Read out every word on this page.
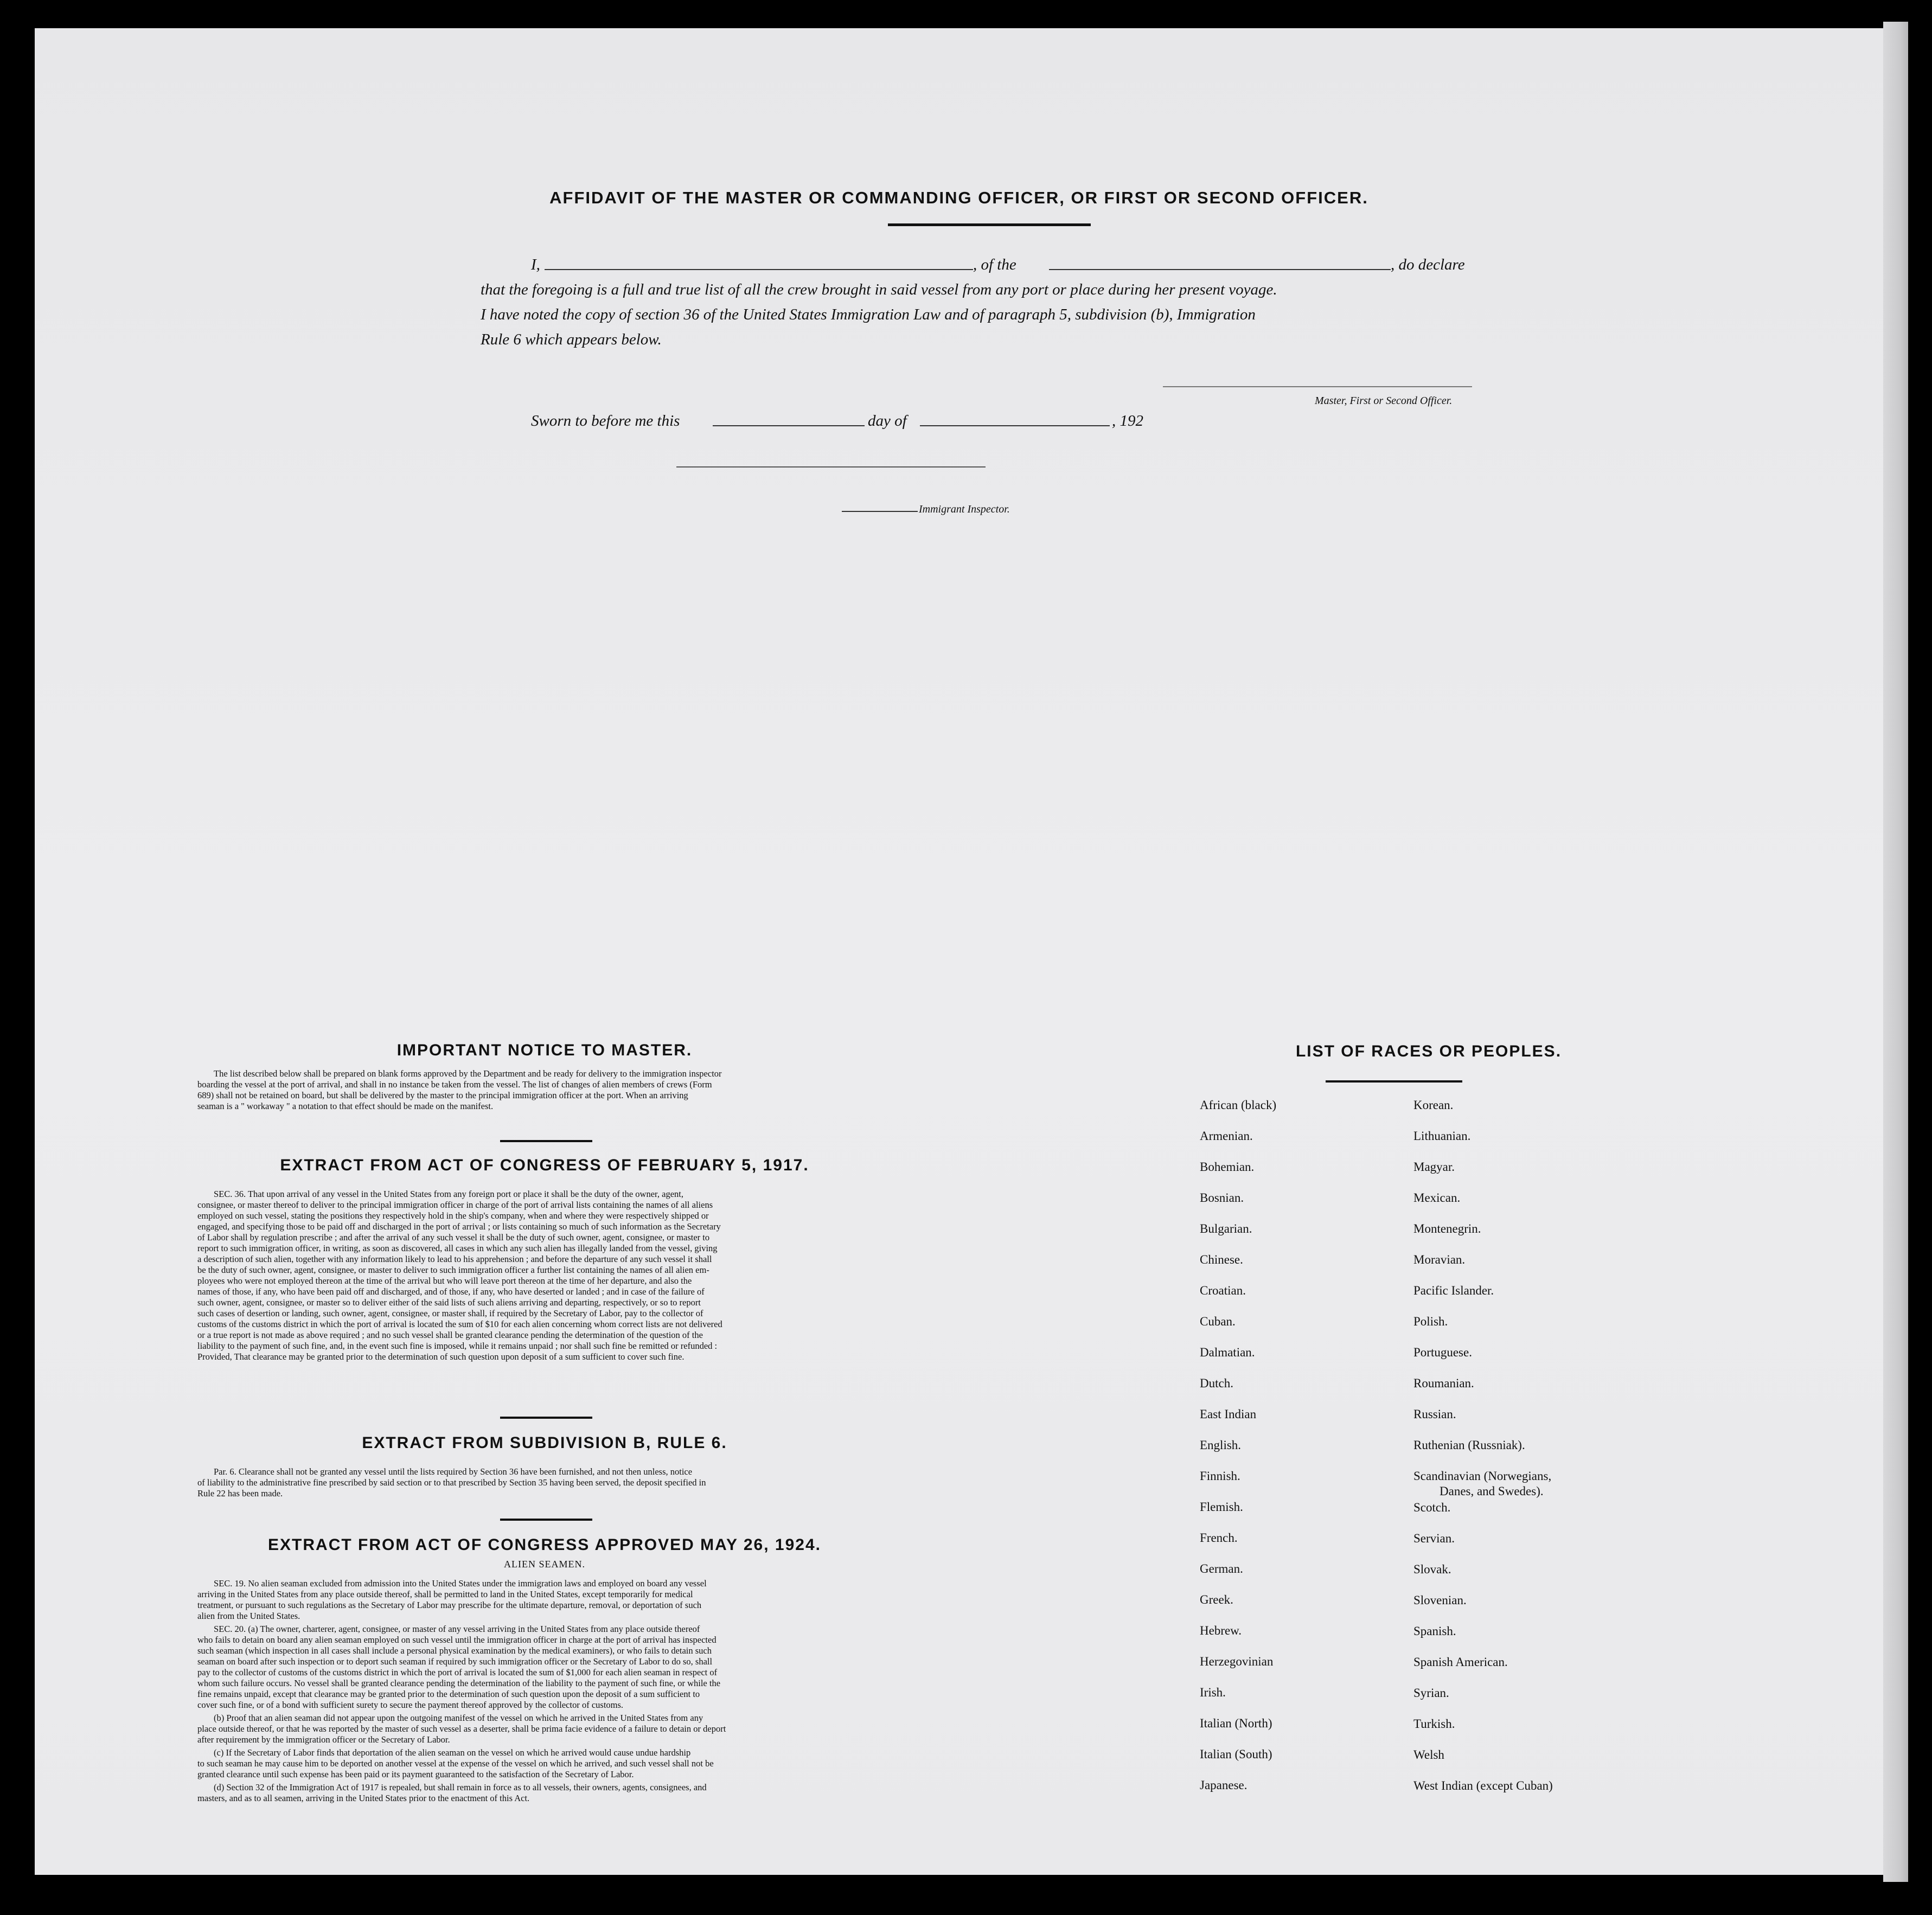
AFFIDAVIT OF THE MASTER OR COMMANDING OFFICER, OR FIRST OR SECOND OFFICER.
I,	, of the	, do declare
that the foregoing is a full and true list of all the crew brought in said vessel from any port or place during her present voyage.
I have noted the copy of section 36 of the United States Immigration Law and of paragraph 5, subdivision (b), Immigration
Rule 6 which appears below.
Master, First or Second Officer.
Sworn to before me this	day of	, 192
Immigrant Inspector.
IMPORTANT NOTICE TO MASTER.
The list described below shall be prepared on blank forms approved by the Department and be ready for delivery to the immigration inspector
boarding the vessel at the port of arrival, and shall in no instance be taken from the vessel. The list of changes of alien members of crews (Form
689) shall not be retained on board, but shall be delivered by the master to the principal immigration officer at the port. When an arriving
seaman is a " workaway " a notation to that effect should be made on the manifest.
EXTRACT FROM ACT OF CONGRESS OF FEBRUARY 5, 1917.
SEC. 36. That upon arrival of any vessel in the United States from any foreign port or place it shall be the duty of the owner, agent,
consignee, or master thereof to deliver to the principal immigration officer in charge of the port of arrival lists containing the names of all aliens
employed on such vessel, stating the positions they respectively hold in the ship's company, when and where they were respectively shipped or
engaged, and specifying those to be paid off and discharged in the port of arrival ; or lists containing so much of such information as the Secretary
of Labor shall by regulation prescribe ; and after the arrival of any such vessel it shall be the duty of such owner, agent, consignee, or master to
report to such immigration officer, in writing, as soon as discovered, all cases in which any such alien has illegally landed from the vessel, giving
a description of such alien, together with any information likely to lead to his apprehension ; and before the departure of any such vessel it shall
be the duty of such owner, agent, consignee, or master to deliver to such immigration officer a further list containing the names of all alien em-
ployees who were not employed thereon at the time of the arrival but who will leave port thereon at the time of her departure, and also the
names of those, if any, who have been paid off and discharged, and of those, if any, who have deserted or landed ; and in case of the failure of
such owner, agent, consignee, or master so to deliver either of the said lists of such aliens arriving and departing, respectively, or so to report
such cases of desertion or landing, such owner, agent, consignee, or master shall, if required by the Secretary of Labor, pay to the collector of
customs of the customs district in which the port of arrival is located the sum of $10 for each alien concerning whom correct lists are not delivered
or a true report is not made as above required ; and no such vessel shall be granted clearance pending the determination of the question of the
liability to the payment of such fine, and, in the event such fine is imposed, while it remains unpaid ; nor shall such fine be remitted or refunded :
Provided, That clearance may be granted prior to the determination of such question upon deposit of a sum sufficient to cover such fine.
EXTRACT FROM SUBDIVISION B, RULE 6.
Par. 6. Clearance shall not be granted any vessel until the lists required by Section 36 have been furnished, and not then unless, notice
of liability to the administrative fine prescribed by said section or to that prescribed by Section 35 having been served, the deposit specified in
Rule 22 has been made.
EXTRACT FROM ACT OF CONGRESS APPROVED MAY 26, 1924.
ALIEN SEAMEN.
SEC. 19. No alien seaman excluded from admission into the United States under the immigration laws and employed on board any vessel
arriving in the United States from any place outside thereof, shall be permitted to land in the United States, except temporarily for medical
treatment, or pursuant to such regulations as the Secretary of Labor may prescribe for the ultimate departure, removal, or deportation of such
alien from the United States.
SEC. 20. (a) The owner, charterer, agent, consignee, or master of any vessel arriving in the United States from any place outside thereof
who fails to detain on board any alien seaman employed on such vessel until the immigration officer in charge at the port of arrival has inspected
such seaman (which inspection in all cases shall include a personal physical examination by the medical examiners), or who fails to detain such
seaman on board after such inspection or to deport such seaman if required by such immigration officer or the Secretary of Labor to do so, shall
pay to the collector of customs of the customs district in which the port of arrival is located the sum of $1,000 for each alien seaman in respect of
whom such failure occurs. No vessel shall be granted clearance pending the determination of the liability to the payment of such fine, or while the
fine remains unpaid, except that clearance may be granted prior to the determination of such question upon the deposit of a sum sufficient to
cover such fine, or of a bond with sufficient surety to secure the payment thereof approved by the collector of customs.
(b) Proof that an alien seaman did not appear upon the outgoing manifest of the vessel on which he arrived in the United States from any
place outside thereof, or that he was reported by the master of such vessel as a deserter, shall be prima facie evidence of a failure to detain or deport
after requirement by the immigration officer or the Secretary of Labor.
(c) If the Secretary of Labor finds that deportation of the alien seaman on the vessel on which he arrived would cause undue hardship
to such seaman he may cause him to be deported on another vessel at the expense of the vessel on which he arrived, and such vessel shall not be
granted clearance until such expense has been paid or its payment guaranteed to the satisfaction of the Secretary of Labor.
(d) Section 32 of the Immigration Act of 1917 is repealed, but shall remain in force as to all vessels, their owners, agents, consignees, and
masters, and as to all seamen, arriving in the United States prior to the enactment of this Act.
LIST OF RACES OR PEOPLES.
African (black)
Armenian.
Bohemian.
Bosnian.
Bulgarian.
Chinese.
Croatian.
Cuban.
Dalmatian.
Dutch.
East Indian
English.
Finnish.
Flemish.
French.
German.
Greek.
Hebrew.
Herzegovinian
Irish.
Italian (North)
Italian (South)
Japanese.
Korean.
Lithuanian.
Magyar.
Mexican.
Montenegrin.
Moravian.
Pacific Islander.
Polish.
Portuguese.
Roumanian.
Russian.
Ruthenian (Russniak).
Scandinavian (Norwegians,
Danes, and Swedes).
Scotch.
Servian.
Slovak.
Slovenian.
Spanish.
Spanish American.
Syrian.
Turkish.
Welsh
West Indian (except Cuban)
